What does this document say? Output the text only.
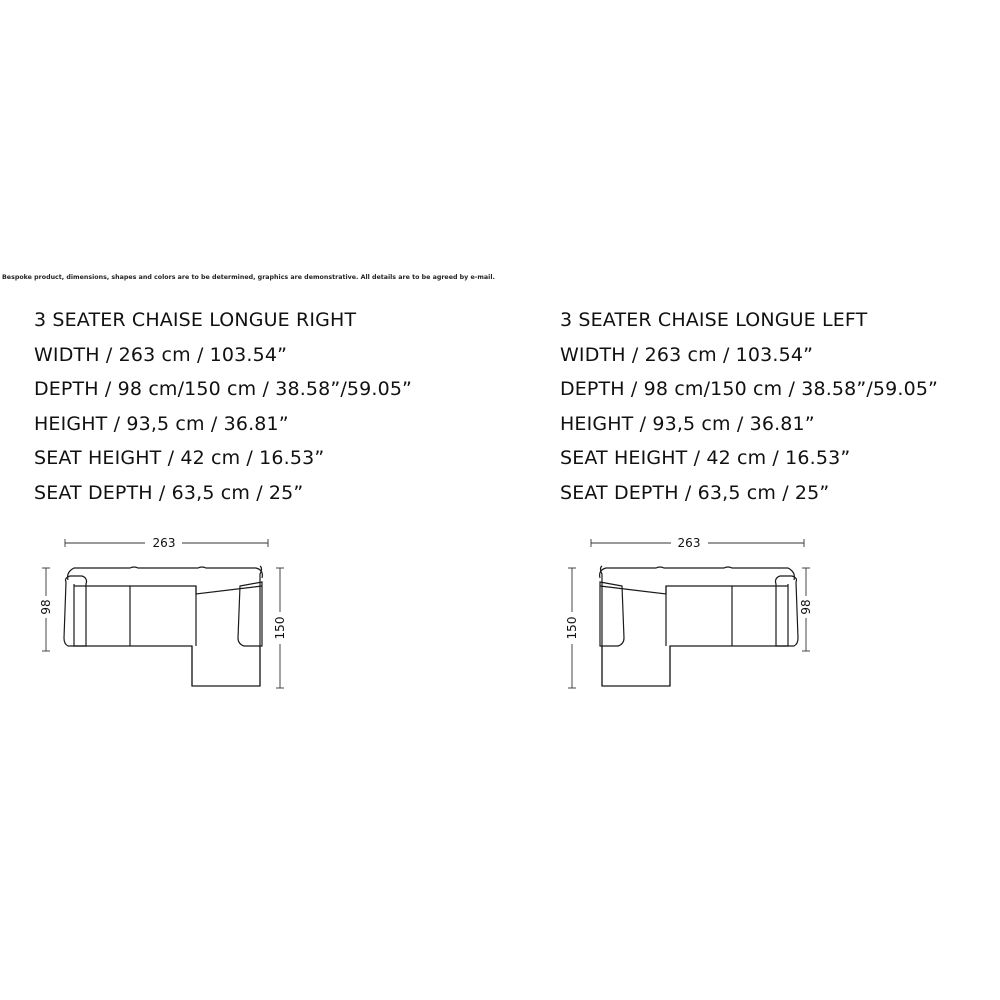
Bespoke product, dimensions, shapes and colors are to be determined, graphics are demonstrative. All details are to be agreed by e-mail.
3 SEATER CHAISE LONGUE RIGHT
WIDTH / 263 cm / 103.54”
DEPTH / 98 cm/150 cm / 38.58”/59.05”
HEIGHT / 93,5 cm / 36.81”
SEAT HEIGHT / 42 cm / 16.53”
SEAT DEPTH / 63,5 cm / 25”
3 SEATER CHAISE LONGUE LEFT
WIDTH / 263 cm / 103.54”
DEPTH / 98 cm/150 cm / 38.58”/59.05”
HEIGHT / 93,5 cm / 36.81”
SEAT HEIGHT / 42 cm / 16.53”
SEAT DEPTH / 63,5 cm / 25”
263
98
150
263
150
98
